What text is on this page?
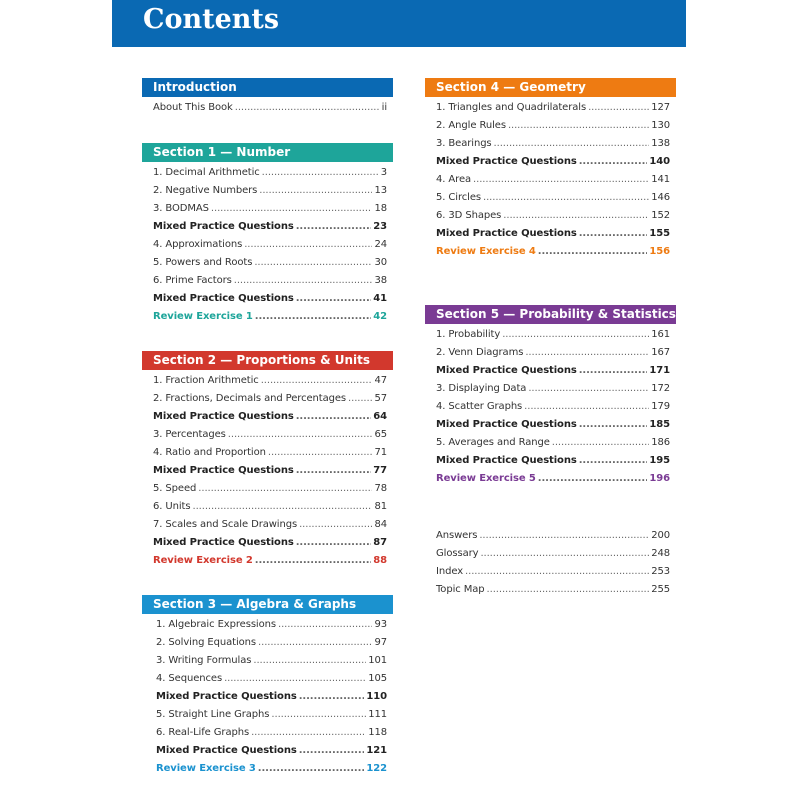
Contents
Introduction
About This Book .....	ii
Section 1 — Number
1. Decimal Arithmetic .....	3
2. Negative Numbers .....	13
3. BODMAS .....	18
Mixed Practice Questions .....	23
4. Approximations .....	24
5. Powers and Roots .....	30
6. Prime Factors .....	38
Mixed Practice Questions .....	41
Review Exercise 1 .....	42
Section 2 — Proportions & Units
1. Fraction Arithmetic .....	47
2. Fractions, Decimals and Percentages .....	57
Mixed Practice Questions .....	64
3. Percentages .....	65
4. Ratio and Proportion .....	71
Mixed Practice Questions .....	77
5. Speed .....	78
6. Units .....	81
7. Scales and Scale Drawings .....	84
Mixed Practice Questions .....	87
Review Exercise 2 .....	88
Section 3 — Algebra & Graphs
1. Algebraic Expressions .....	93
2. Solving Equations .....	97
3. Writing Formulas .....	101
4. Sequences .....	105
Mixed Practice Questions .....	110
5. Straight Line Graphs .....	111
6. Real-Life Graphs .....	118
Mixed Practice Questions .....	121
Review Exercise 3 .....	122
Section 4 — Geometry
1. Triangles and Quadrilaterals .....	127
2. Angle Rules .....	130
3. Bearings .....	138
Mixed Practice Questions .....	140
4. Area .....	141
5. Circles .....	146
6. 3D Shapes .....	152
Mixed Practice Questions .....	155
Review Exercise 4 .....	156
Section 5 — Probability & Statistics
1. Probability .....	161
2. Venn Diagrams .....	167
Mixed Practice Questions .....	171
3. Displaying Data .....	172
4. Scatter Graphs .....	179
Mixed Practice Questions .....	185
5. Averages and Range .....	186
Mixed Practice Questions .....	195
Review Exercise 5 .....	196
Answers .....	200
Glossary .....	248
Index .....	253
Topic Map .....	255
